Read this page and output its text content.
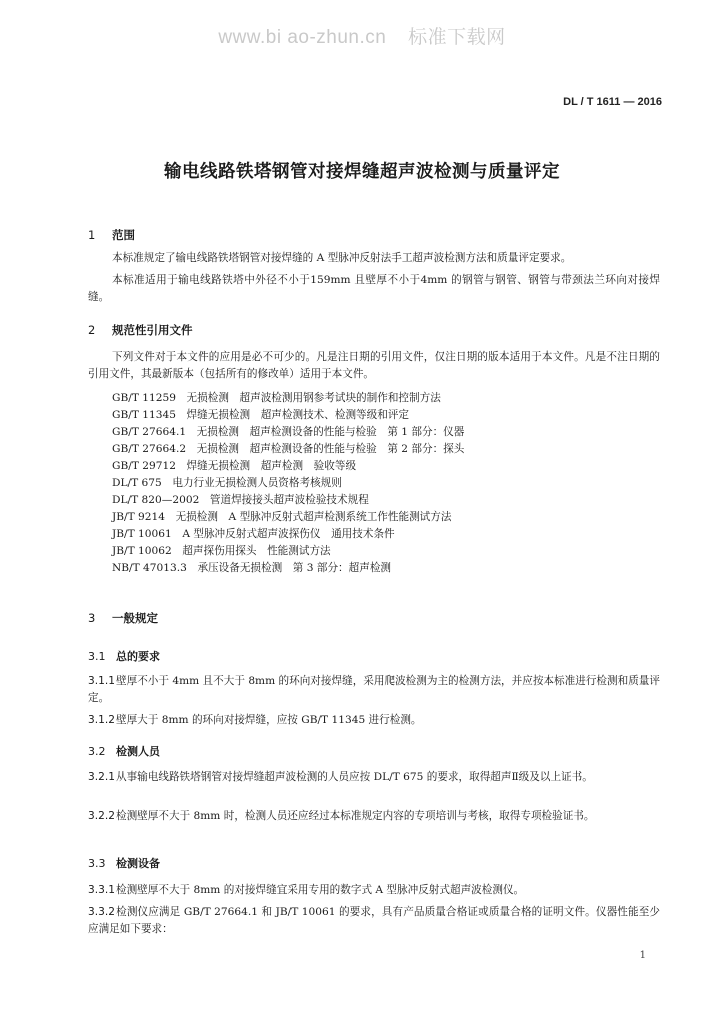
www.bi ao-zhun.cn 标准下载网
DL / T 1611 — 2016
输电线路铁塔钢管对接焊缝超声波检测与质量评定
1 范围
本标准规定了输电线路铁塔钢管对接焊缝的 A 型脉冲反射法手工超声波检测方法和质量评定要求。
本标准适用于输电线路铁塔中外径不小于159mm 且壁厚不小于4mm 的钢管与钢管、钢管与带颈法兰环向对接焊缝。
2 规范性引用文件
下列文件对于本文件的应用是必不可少的。凡是注日期的引用文件，仅注日期的版本适用于本文件。凡是不注日期的引用文件，其最新版本（包括所有的修改单）适用于本文件。
GB/T 11259　无损检测　超声波检测用钢参考试块的制作和控制方法
GB/T 11345　焊缝无损检测　超声检测技术、检测等级和评定
GB/T 27664.1　无损检测　超声检测设备的性能与检验　第 1 部分：仪器
GB/T 27664.2　无损检测　超声检测设备的性能与检验　第 2 部分：探头
GB/T 29712　焊缝无损检测　超声检测　验收等级
DL/T 675　电力行业无损检测人员资格考核规则
DL/T 820—2002　管道焊接接头超声波检验技术规程
JB/T 9214　无损检测　A 型脉冲反射式超声检测系统工作性能测试方法
JB/T 10061　A 型脉冲反射式超声波探伤仪　通用技术条件
JB/T 10062　超声探伤用探头　性能测试方法
NB/T 47013.3　承压设备无损检测　第 3 部分：超声检测
3 一般规定
3.1 总的要求
3.1.1壁厚不小于 4mm 且不大于 8mm 的环向对接焊缝，采用爬波检测为主的检测方法，并应按本标准进行检测和质量评定。
3.1.2壁厚大于 8mm 的环向对接焊缝，应按 GB/T 11345 进行检测。
3.2 检测人员
3.2.1从事输电线路铁塔钢管对接焊缝超声波检测的人员应按 DL/T 675 的要求，取得超声Ⅱ级及以上证书。
3.2.2检测壁厚不大于 8mm 时，检测人员还应经过本标准规定内容的专项培训与考核，取得专项检验证书。
3.3 检测设备
3.3.1检测壁厚不大于 8mm 的对接焊缝宜采用专用的数字式 A 型脉冲反射式超声波检测仪。
3.3.2检测仪应满足 GB/T 27664.1 和 JB/T 10061 的要求，具有产品质量合格证或质量合格的证明文件。仪器性能至少应满足如下要求：
1
